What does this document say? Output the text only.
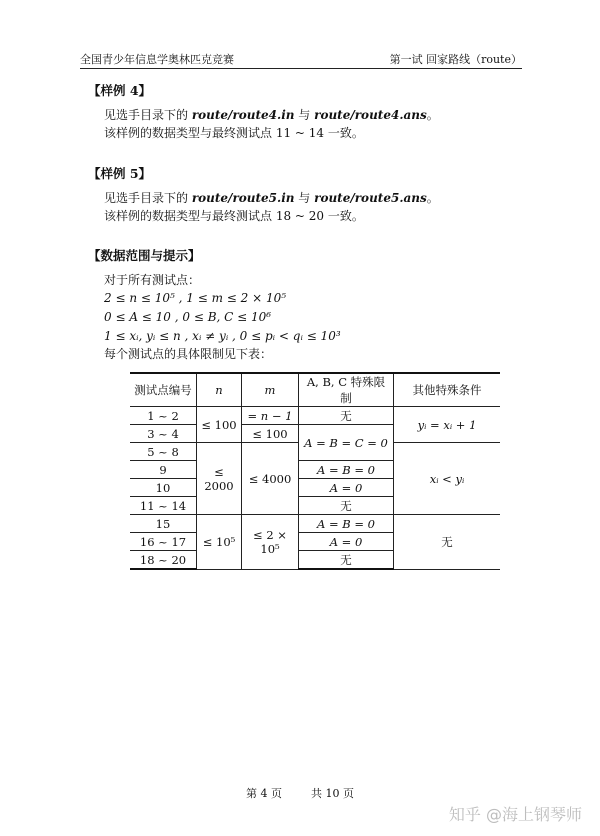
全国青少年信息学奥林匹克竞赛	第一试 回家路线（route）
【样例 4】
见选手目录下的 route/route4.in 与 route/route4.ans。
该样例的数据类型与最终测试点 11 ~ 14 一致。
【样例 5】
见选手目录下的 route/route5.in 与 route/route5.ans。
该样例的数据类型与最终测试点 18 ~ 20 一致。
【数据范围与提示】
对于所有测试点：
2 ≤ n ≤ 10⁵ , 1 ≤ m ≤ 2 × 10⁵
0 ≤ A ≤ 10 , 0 ≤ B, C ≤ 10⁶
1 ≤ xᵢ, yᵢ ≤ n , xᵢ ≠ yᵢ , 0 ≤ pᵢ < qᵢ ≤ 10³
每个测试点的具体限制见下表：
测试点编号	n	m	A, B, C 特殊限制	其他特殊条件
1 ~ 2	≤ 100	= n − 1	无	yᵢ = xᵢ + 1
3 ~ 4		≤ 100	A = B = C = 0	
5 ~ 8	≤ 2000	≤ 4000		xᵢ < yᵢ
9			A = B = 0	
10			A = 0	
11 ~ 14			无	
15	≤ 10⁵	≤ 2 × 10⁵	A = B = 0	无
16 ~ 17			A = 0	
18 ~ 20			无	
第 4 页	共 10 页
知乎 @海上钢琴师
